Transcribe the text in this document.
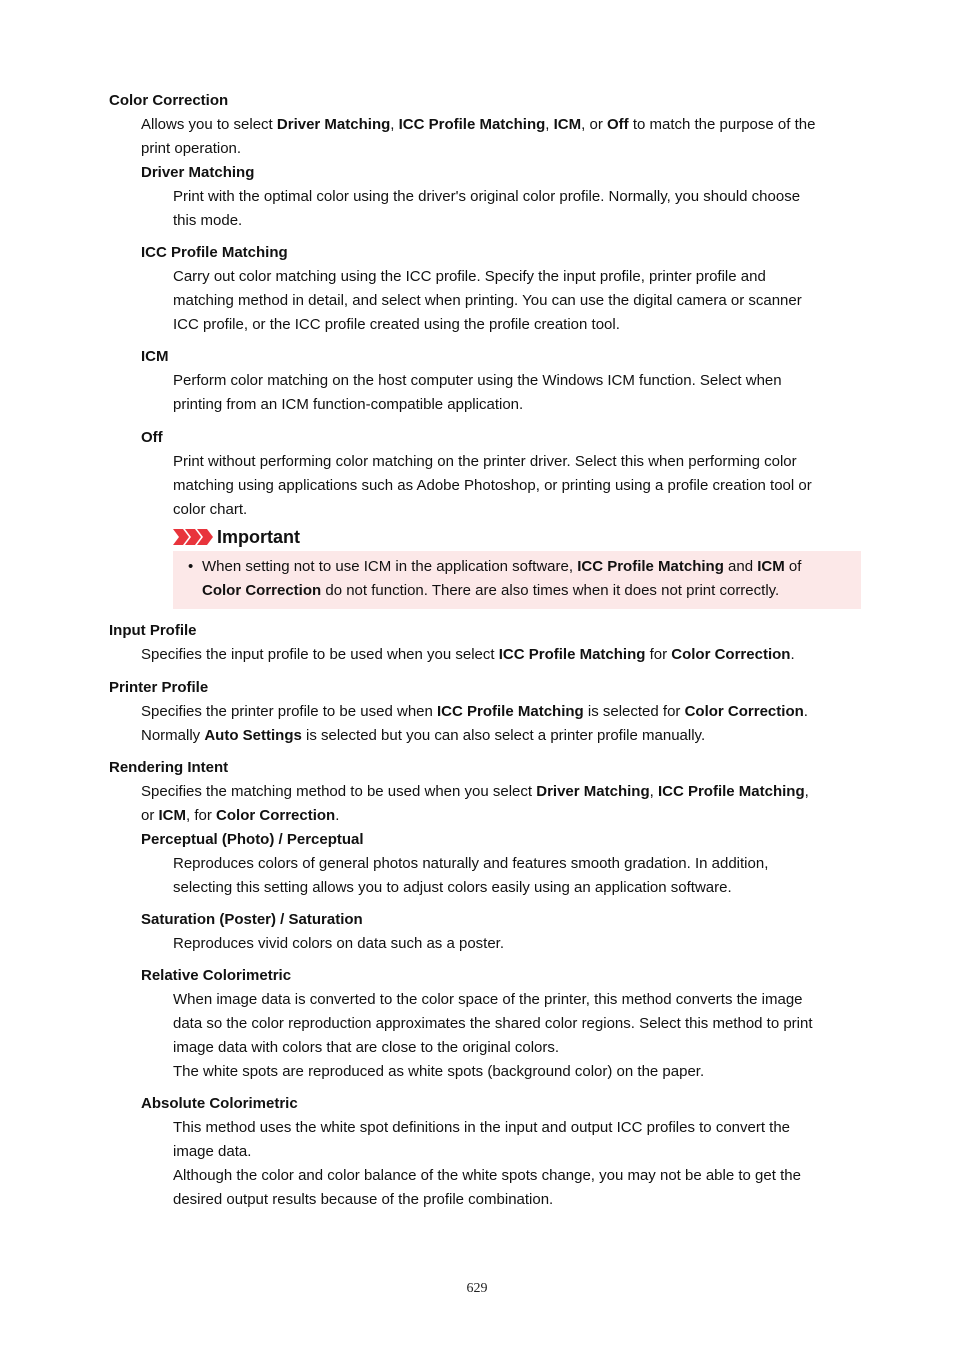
Color Correction
Allows you to select Driver Matching, ICC Profile Matching, ICM, or Off to match the purpose of the
print operation.
Driver Matching
Print with the optimal color using the driver's original color profile. Normally, you should choose
this mode.
ICC Profile Matching
Carry out color matching using the ICC profile. Specify the input profile, printer profile and
matching method in detail, and select when printing. You can use the digital camera or scanner
ICC profile, or the ICC profile created using the profile creation tool.
ICM
Perform color matching on the host computer using the Windows ICM function. Select when
printing from an ICM function-compatible application.
Off
Print without performing color matching on the printer driver. Select this when performing color
matching using applications such as Adobe Photoshop, or printing using a profile creation tool or
color chart.
Important
• When setting not to use ICM in the application software, ICC Profile Matching and ICM of
Color Correction do not function. There are also times when it does not print correctly.
Input Profile
Specifies the input profile to be used when you select ICC Profile Matching for Color Correction.
Printer Profile
Specifies the printer profile to be used when ICC Profile Matching is selected for Color Correction.
Normally Auto Settings is selected but you can also select a printer profile manually.
Rendering Intent
Specifies the matching method to be used when you select Driver Matching, ICC Profile Matching,
or ICM, for Color Correction.
Perceptual (Photo) / Perceptual
Reproduces colors of general photos naturally and features smooth gradation. In addition,
selecting this setting allows you to adjust colors easily using an application software.
Saturation (Poster) / Saturation
Reproduces vivid colors on data such as a poster.
Relative Colorimetric
When image data is converted to the color space of the printer, this method converts the image
data so the color reproduction approximates the shared color regions. Select this method to print
image data with colors that are close to the original colors.
The white spots are reproduced as white spots (background color) on the paper.
Absolute Colorimetric
This method uses the white spot definitions in the input and output ICC profiles to convert the
image data.
Although the color and color balance of the white spots change, you may not be able to get the
desired output results because of the profile combination.
629
